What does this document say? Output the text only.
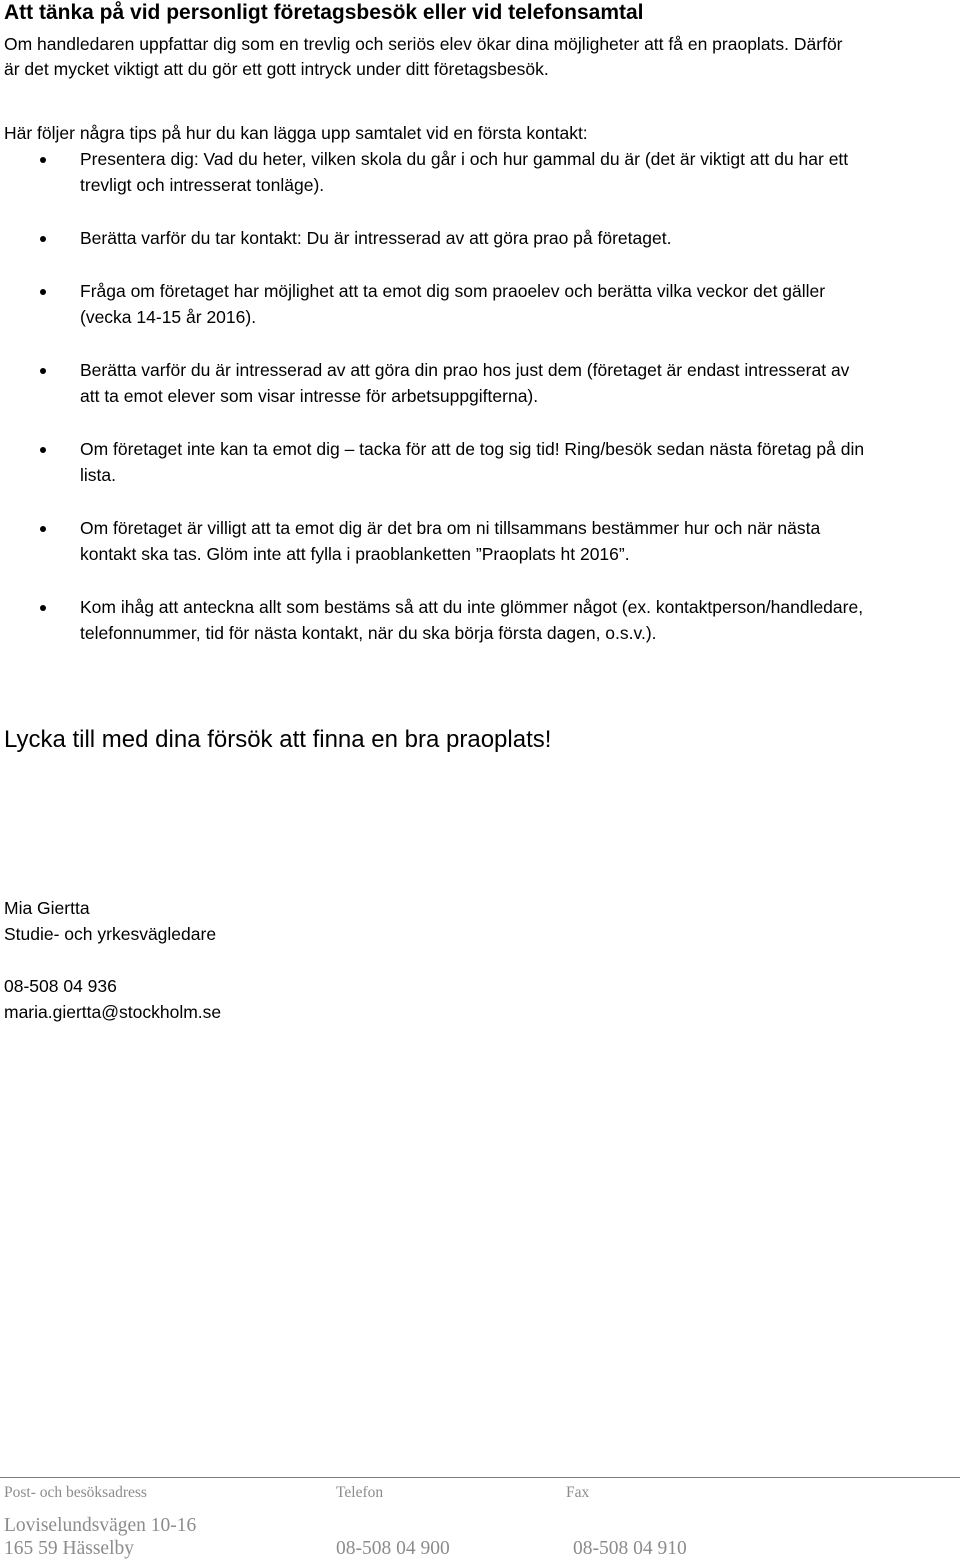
Att tänka på vid personligt företagsbesök eller vid telefonsamtal
Om handledaren uppfattar dig som en trevlig och seriös elev ökar dina möjligheter att få en praoplats. Därför
är det mycket viktigt att du gör ett gott intryck under ditt företagsbesök.
Här följer några tips på hur du kan lägga upp samtalet vid en första kontakt:
Presentera dig: Vad du heter, vilken skola du går i och hur gammal du är (det är viktigt att du har ett
trevligt och intresserat tonläge).
Berätta varför du tar kontakt: Du är intresserad av att göra prao på företaget.
Fråga om företaget har möjlighet att ta emot dig som praoelev och berätta vilka veckor det gäller
(vecka 14-15 år 2016).
Berätta varför du är intresserad av att göra din prao hos just dem (företaget är endast intresserat av
att ta emot elever som visar intresse för arbetsuppgifterna).
Om företaget inte kan ta emot dig – tacka för att de tog sig tid! Ring/besök sedan nästa företag på din
lista.
Om företaget är villigt att ta emot dig är det bra om ni tillsammans bestämmer hur och när nästa
kontakt ska tas. Glöm inte att fylla i praoblanketten ”Praoplats ht 2016”.
Kom ihåg att anteckna allt som bestäms så att du inte glömmer något (ex. kontaktperson/handledare,
telefonnummer, tid för nästa kontakt, när du ska börja första dagen, o.s.v.).
Lycka till med dina försök att finna en bra praoplats!
Mia Giertta
Studie- och yrkesvägledare
08-508 04 936
maria.giertta@stockholm.se
Post- och besöksadress	Telefon	Fax
Loviselundsvägen 10-16
165 59 Hässelby	08-508 04 900	08-508 04 910
